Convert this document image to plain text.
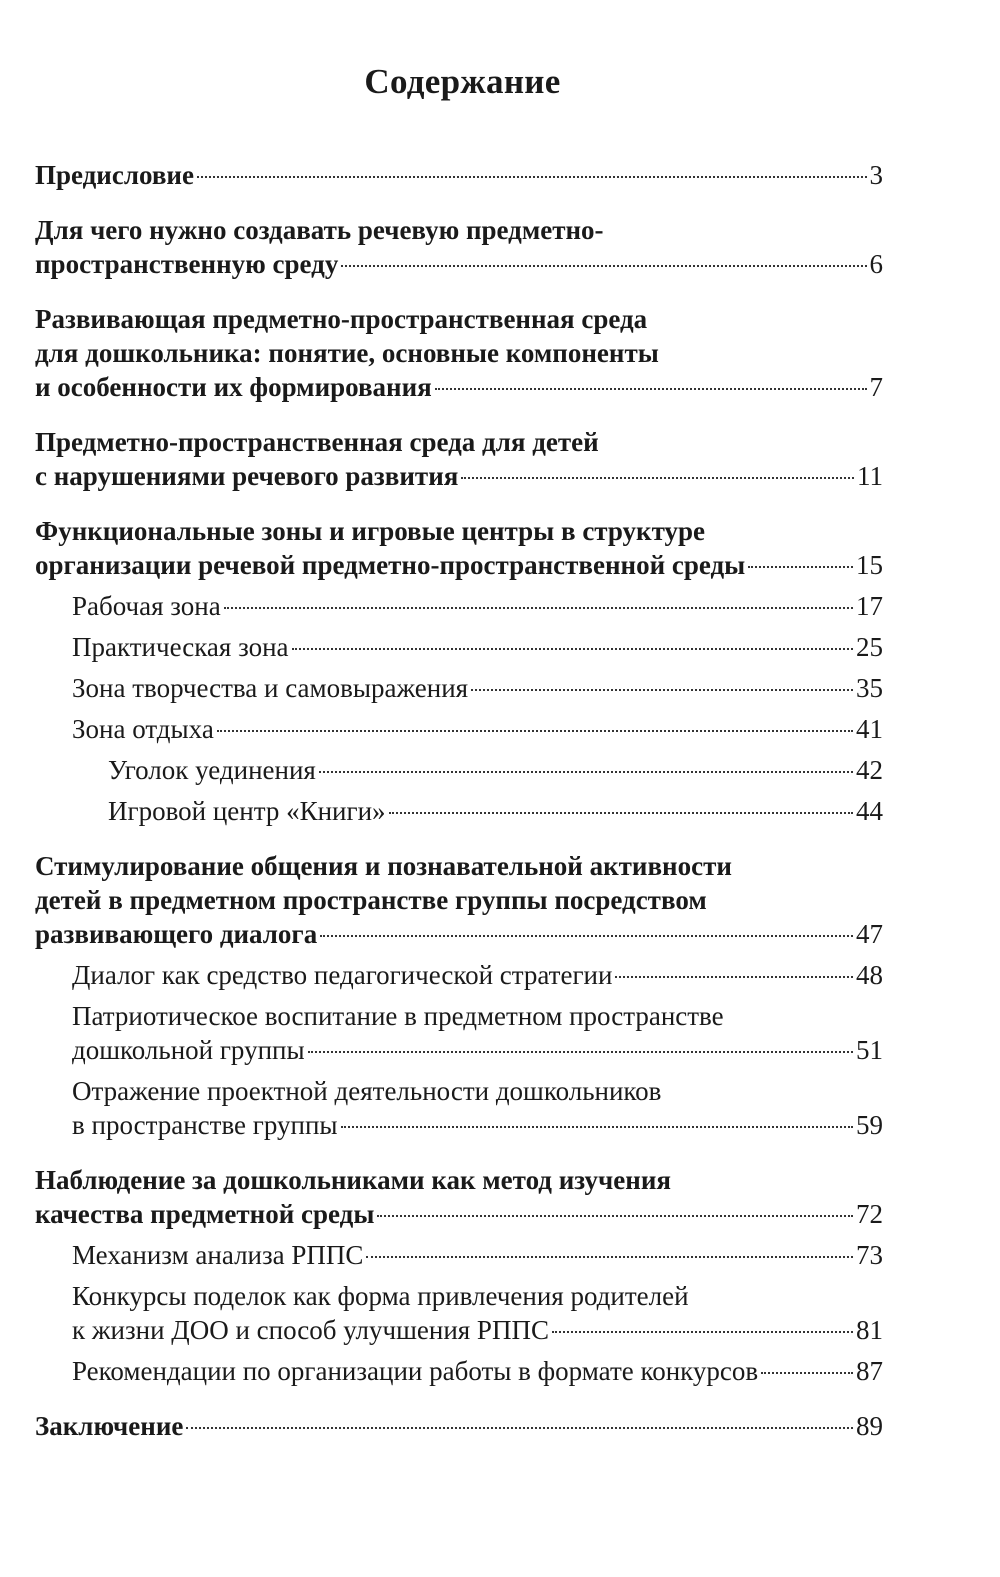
Содержание
Предисловие	3
Для чего нужно создавать речевую предметно-
пространственную среду	6
Развивающая предметно-пространственная среда
для дошкольника: понятие, основные компоненты
и особенности их формирования	7
Предметно-пространственная среда для детей
с нарушениями речевого развития	11
Функциональные зоны и игровые центры в структуре
организации речевой предметно-пространственной среды	15
Рабочая зона	17
Практическая зона	25
Зона творчества и самовыражения	35
Зона отдыха	41
Уголок уединения	42
Игровой центр «Книги»	44
Стимулирование общения и познавательной активности
детей в предметном пространстве группы посредством
развивающего диалога	47
Диалог как средство педагогической стратегии	48
Патриотическое воспитание в предметном пространстве
дошкольной группы	51
Отражение проектной деятельности дошкольников
в пространстве группы	59
Наблюдение за дошкольниками как метод изучения
качества предметной среды	72
Механизм анализа РППС	73
Конкурсы поделок как форма привлечения родителей
к жизни ДОО и способ улучшения РППС	81
Рекомендации по организации работы в формате конкурсов	87
Заключение	89
